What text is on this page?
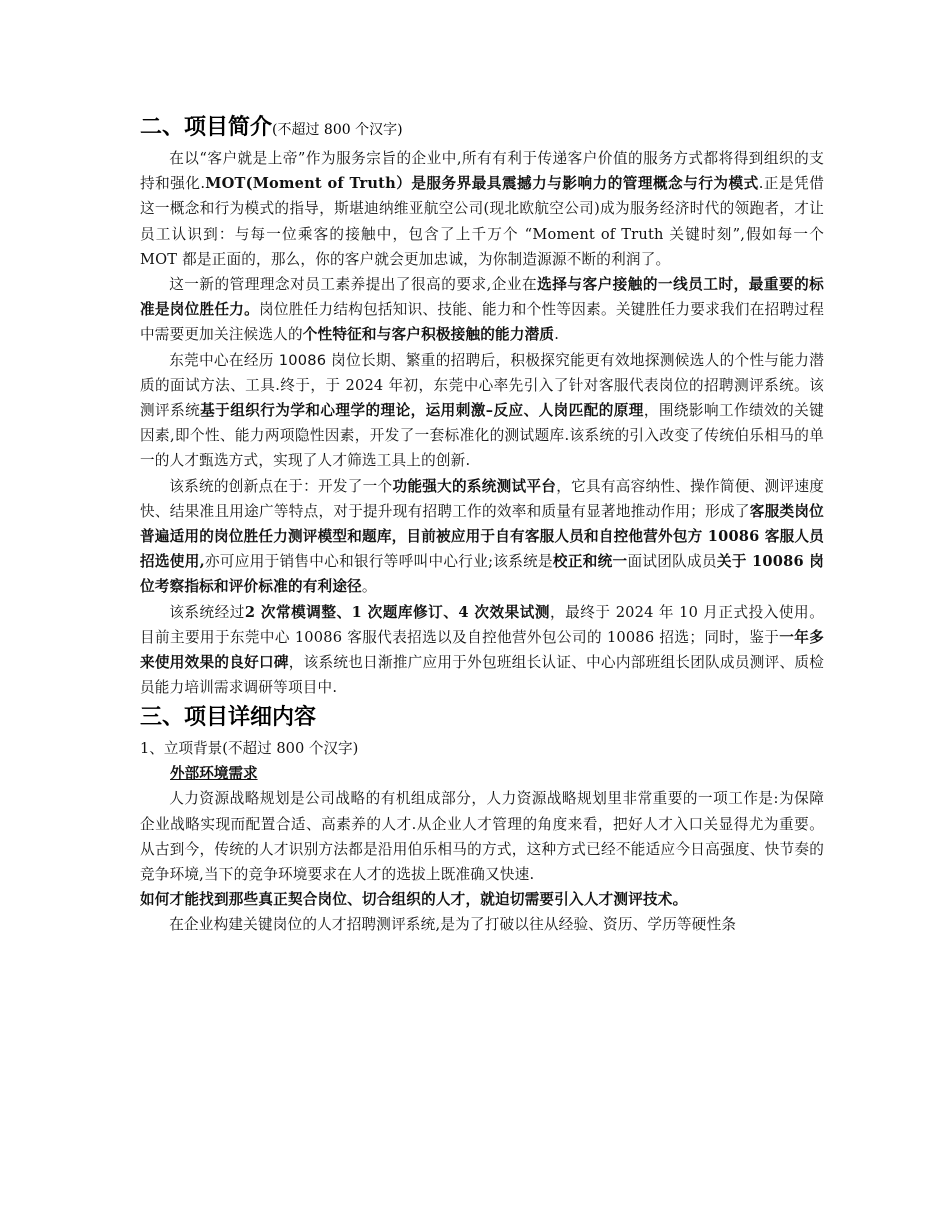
二、项目简介(不超过 800 个汉字)

在以“客户就是上帝”作为服务宗旨的企业中,所有有利于传递客户价值的服务方式都将得到组织的支持和强化.MOT(Moment of Truth）是服务界最具震撼力与影响力的管理概念与行为模式.正是凭借这一概念和行为模式的指导，斯堪迪纳维亚航空公司(现北欧航空公司)成为服务经济时代的领跑者，才让员工认识到：与每一位乘客的接触中，包含了上千万个 “Moment of Truth 关键时刻”,假如每一个 MOT 都是正面的，那么，你的客户就会更加忠诚，为你制造源源不断的利润了。

这一新的管理理念对员工素养提出了很高的要求,企业在选择与客户接触的一线员工时，最重要的标准是岗位胜任力。岗位胜任力结构包括知识、技能、能力和个性等因素。关键胜任力要求我们在招聘过程中需要更加关注候选人的个性特征和与客户积极接触的能力潜质.

东莞中心在经历 10086 岗位长期、繁重的招聘后，积极探究能更有效地探测候选人的个性与能力潜质的面试方法、工具.终于，于 2024 年初，东莞中心率先引入了针对客服代表岗位的招聘测评系统。该测评系统基于组织行为学和心理学的理论，运用刺激–反应、人岗匹配的原理，围绕影响工作绩效的关键因素,即个性、能力两项隐性因素，开发了一套标准化的测试题库.该系统的引入改变了传统伯乐相马的单一的人才甄选方式，实现了人才筛选工具上的创新.

该系统的创新点在于：开发了一个功能强大的系统测试平台，它具有高容纳性、操作简便、测评速度快、结果准且用途广等特点，对于提升现有招聘工作的效率和质量有显著地推动作用；形成了客服类岗位普遍适用的岗位胜任力测评模型和题库，目前被应用于自有客服人员和自控他营外包方 10086 客服人员招选使用,亦可应用于销售中心和银行等呼叫中心行业;该系统是校正和统一面试团队成员关于 10086 岗位考察指标和评价标准的有利途径。

该系统经过2 次常模调整、1 次题库修订、4 次效果试测，最终于 2024 年 10 月正式投入使用。目前主要用于东莞中心 10086 客服代表招选以及自控他营外包公司的 10086 招选；同时，鉴于一年多来使用效果的良好口碑，该系统也日渐推广应用于外包班组长认证、中心内部班组长团队成员测评、质检员能力培训需求调研等项目中.

三、项目详细内容
1、立项背景(不超过 800 个汉字)
外部环境需求

人力资源战略规划是公司战略的有机组成部分，人力资源战略规划里非常重要的一项工作是:为保障企业战略实现而配置合适、高素养的人才.从企业人才管理的角度来看，把好人才入口关显得尤为重要。从古到今，传统的人才识别方法都是沿用伯乐相马的方式，这种方式已经不能适应今日高强度、快节奏的竞争环境,当下的竞争环境要求在人才的选拔上既准确又快速.
如何才能找到那些真正契合岗位、切合组织的人才，就迫切需要引入人才测评技术。

在企业构建关键岗位的人才招聘测评系统,是为了打破以往从经验、资历、学历等硬性条
